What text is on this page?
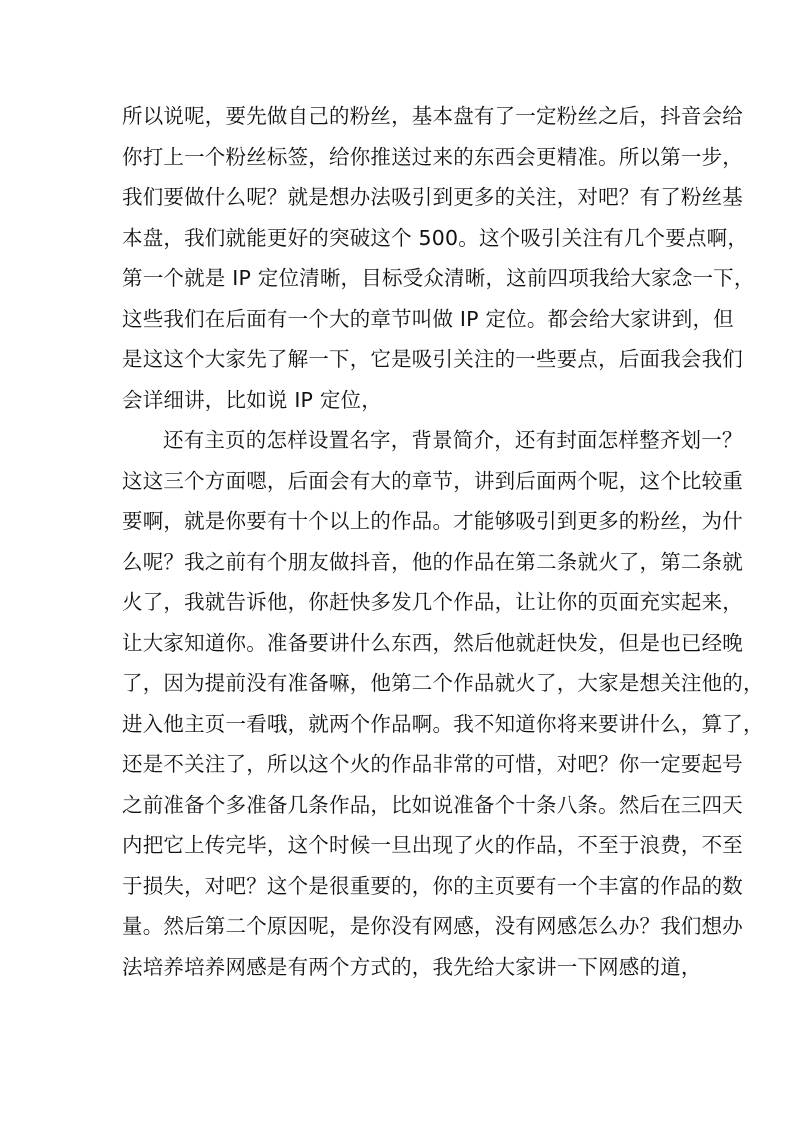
所以说呢，要先做自己的粉丝，基本盘有了一定粉丝之后，抖音会给
你打上一个粉丝标签，给你推送过来的东西会更精准。所以第一步，
我们要做什么呢？就是想办法吸引到更多的关注，对吧？有了粉丝基
本盘，我们就能更好的突破这个 500。这个吸引关注有几个要点啊，
第一个就是 IP 定位清晰，目标受众清晰，这前四项我给大家念一下，
这些我们在后面有一个大的章节叫做 IP 定位。都会给大家讲到，但
是这这个大家先了解一下，它是吸引关注的一些要点，后面我会我们
会详细讲，比如说 IP 定位，
还有主页的怎样设置名字，背景简介，还有封面怎样整齐划一？
这这三个方面嗯，后面会有大的章节，讲到后面两个呢，这个比较重
要啊，就是你要有十个以上的作品。才能够吸引到更多的粉丝，为什
么呢？我之前有个朋友做抖音，他的作品在第二条就火了，第二条就
火了，我就告诉他，你赶快多发几个作品，让让你的页面充实起来，
让大家知道你。准备要讲什么东西，然后他就赶快发，但是也已经晚
了，因为提前没有准备嘛，他第二个作品就火了，大家是想关注他的，
进入他主页一看哦，就两个作品啊。我不知道你将来要讲什么，算了，
还是不关注了，所以这个火的作品非常的可惜，对吧？你一定要起号
之前准备个多准备几条作品，比如说准备个十条八条。然后在三四天
内把它上传完毕，这个时候一旦出现了火的作品，不至于浪费，不至
于损失，对吧？这个是很重要的，你的主页要有一个丰富的作品的数
量。然后第二个原因呢，是你没有网感，没有网感怎么办？我们想办
法培养培养网感是有两个方式的，我先给大家讲一下网感的道，
